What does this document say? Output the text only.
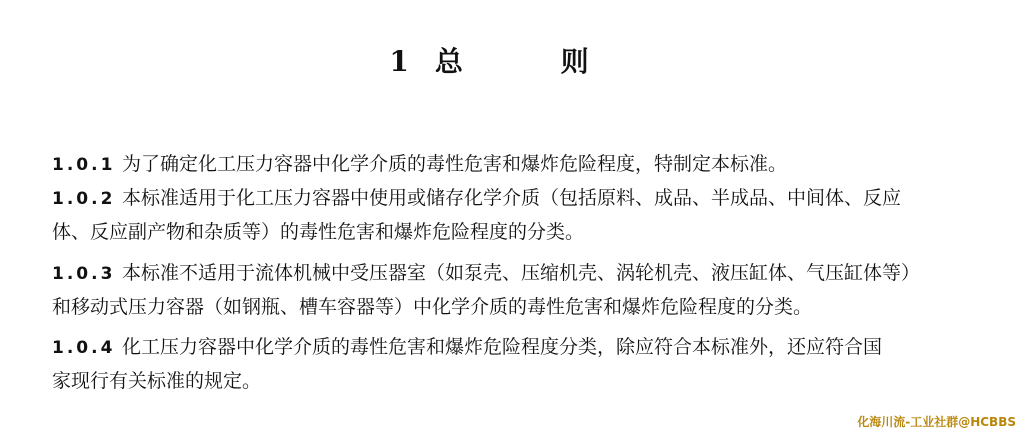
1 总 则
1.0.1 为了确定化工压力容器中化学介质的毒性危害和爆炸危险程度，特制定本标准。
1.0.2 本标准适用于化工压力容器中使用或储存化学介质（包括原料、成品、半成品、中间体、反应
体、反应副产物和杂质等）的毒性危害和爆炸危险程度的分类。
1.0.3 本标准不适用于流体机械中受压器室（如泵壳、压缩机壳、涡轮机壳、液压缸体、气压缸体等）
和移动式压力容器（如钢瓶、槽车容器等）中化学介质的毒性危害和爆炸危险程度的分类。
1.0.4 化工压力容器中化学介质的毒性危害和爆炸危险程度分类，除应符合本标准外，还应符合国
家现行有关标准的规定。
化海川流-工业社群@HCBBS
